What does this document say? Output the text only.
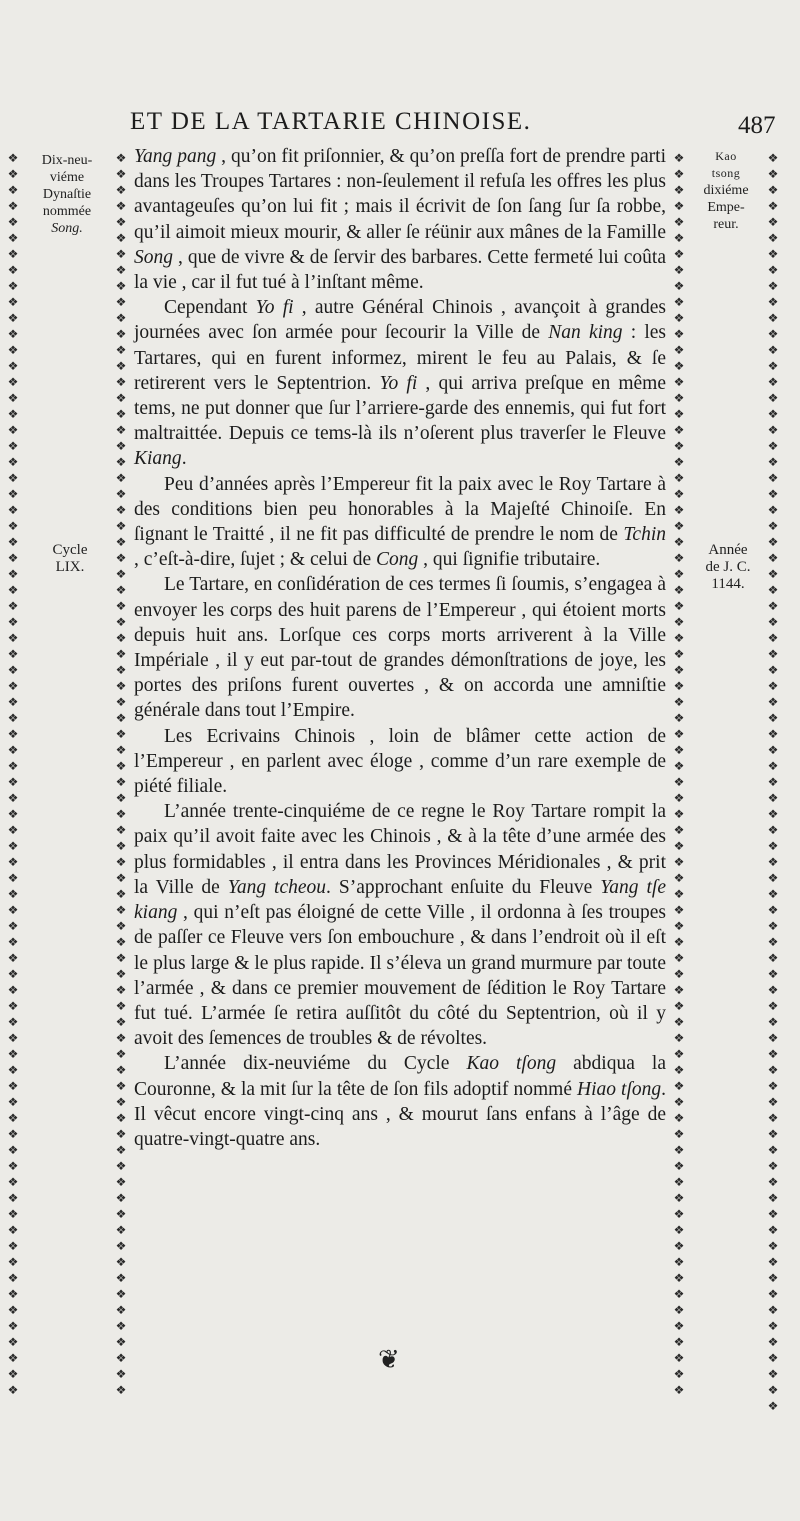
ET DE LA TARTARIE CHINOISE.	487
❖
❖
❖
❖
❖
❖
❖
❖
❖
❖
❖
❖
❖
❖
❖
❖
❖
❖
❖
❖
❖
❖
❖
❖
❖
❖
❖
❖
❖
❖
❖
❖
❖
❖
❖
❖
❖
❖
❖
❖
❖
❖
❖
❖
❖
❖
❖
❖
❖
❖
❖
❖
❖
❖
❖
❖
❖
❖
❖
❖
❖
❖
❖
❖
❖
❖
❖
❖
❖
❖
❖
❖
❖
❖
❖
❖
❖
❖
❖
❖
❖
❖
❖
❖
❖
❖
❖
❖
❖
❖
❖
❖
❖
❖
❖
❖
❖
❖
❖
❖
❖
❖
❖
❖
❖
❖
❖
❖
❖
❖
❖
❖
❖
❖
❖
❖
❖
❖
❖
❖
❖
❖
❖
❖
❖
❖
❖
❖
❖
❖
❖
❖
❖
❖
❖
❖
❖
❖
❖
❖
❖
❖
❖
❖
❖
❖
❖
❖
❖
❖
❖
❖
❖
❖
❖
❖
❖
❖
❖
❖
❖
❖
❖
❖
❖
❖
❖
❖
❖
❖
❖
❖
❖
❖
❖
❖
❖
❖
❖
❖
❖
❖
❖
❖
❖
❖
❖
❖
❖
❖
❖
❖
❖
❖
❖
❖
❖
❖
❖
❖
❖
❖
❖
❖
❖
❖
❖
❖
❖
❖
❖
❖
❖
❖
❖
❖
❖
❖
❖
❖
❖
❖
❖
❖
❖
❖
❖
❖
❖
❖
❖
❖
❖
❖
❖
❖
❖
❖
❖
❖
❖
❖
❖
❖
❖
❖
❖
❖
❖
❖
❖
❖
❖
❖
❖
❖
❖
❖
❖
❖
❖
❖
❖
❖
❖
❖
❖
❖
❖
❖
❖
❖
❖
❖
❖
❖
❖
❖
❖
❖
❖
❖
❖
❖
❖
❖
❖
❖
❖
❖
❖
❖
❖
❖
❖
❖
❖
❖
❖
❖
❖
❖
❖
❖
❖
❖
❖
❖
❖
❖
❖
❖
❖
Dix-neu-
viéme
Dynaſtie
nommée
Song.
Cycle
LIX.
Kao
tsong
dixiéme
Empe-
reur.
Année
de J. C.
1144.

Yang pang , qu’on fit priſonnier, & qu’on preſſa fort de prendre parti dans les Troupes Tartares : non-ſeulement il refuſa les offres les plus avantageuſes qu’on lui fit ; mais il écrivit de ſon ſang ſur ſa robbe, qu’il aimoit mieux mourir, & aller ſe réünir aux mânes de la Famille Song , que de vivre & de ſervir des barbares. Cette fermeté lui coûta la vie , car il fut tué à l’inſtant même.

Cependant Yo fi , autre Général Chinois , avançoit à grandes journées avec ſon armée pour ſecourir la Ville de Nan king : les Tartares, qui en furent informez, mirent le feu au Palais, & ſe retirerent vers le Septentrion. Yo fi , qui arriva preſque en même tems, ne put donner que ſur l’arriere-garde des ennemis, qui fut fort maltraittée. Depuis ce tems-là ils n’oſerent plus traverſer le Fleuve Kiang.

Peu d’années après l’Empereur fit la paix avec le Roy Tartare à des conditions bien peu honorables à la Majeſté Chinoiſe. En ſignant le Traitté , il ne fit pas difficulté de prendre le nom de Tchin , c’eſt-à-dire, ſujet ; & celui de Cong , qui ſignifie tributaire.

Le Tartare, en conſidération de ces termes ſi ſoumis, s’engagea à envoyer les corps des huit parens de l’Empereur , qui étoient morts depuis huit ans. Lorſque ces corps morts arriverent à la Ville Impériale , il y eut par-tout de grandes démonſtrations de joye, les portes des priſons furent ouvertes , & on accorda une amniſtie générale dans tout l’Empire.

Les Ecrivains Chinois , loin de blâmer cette action de l’Empereur , en parlent avec éloge , comme d’un rare exemple de piété filiale.

L’année trente-cinquiéme de ce regne le Roy Tartare rompit la paix qu’il avoit faite avec les Chinois , & à la tête d’une armée des plus formidables , il entra dans les Provinces Méridionales , & prit la Ville de Yang tcheou. S’approchant enſuite du Fleuve Yang tſe kiang , qui n’eſt pas éloigné de cette Ville , il ordonna à ſes troupes de paſſer ce Fleuve vers ſon embouchure , & dans l’endroit où il eſt le plus large & le plus rapide. Il s’éleva un grand murmure par toute l’armée , & dans ce premier mouvement de ſédition le Roy Tartare fut tué. L’armée ſe retira auſſitôt du côté du Septentrion, où il y avoit des ſemences de troubles & de révoltes.

L’année dix-neuviéme du Cycle Kao tſong abdiqua la Couronne, & la mit ſur la tête de ſon fils adoptif nommé Hiao tſong. Il vêcut encore vingt-cinq ans , & mourut ſans enfans à l’âge de quatre-vingt-quatre ans.

❦
